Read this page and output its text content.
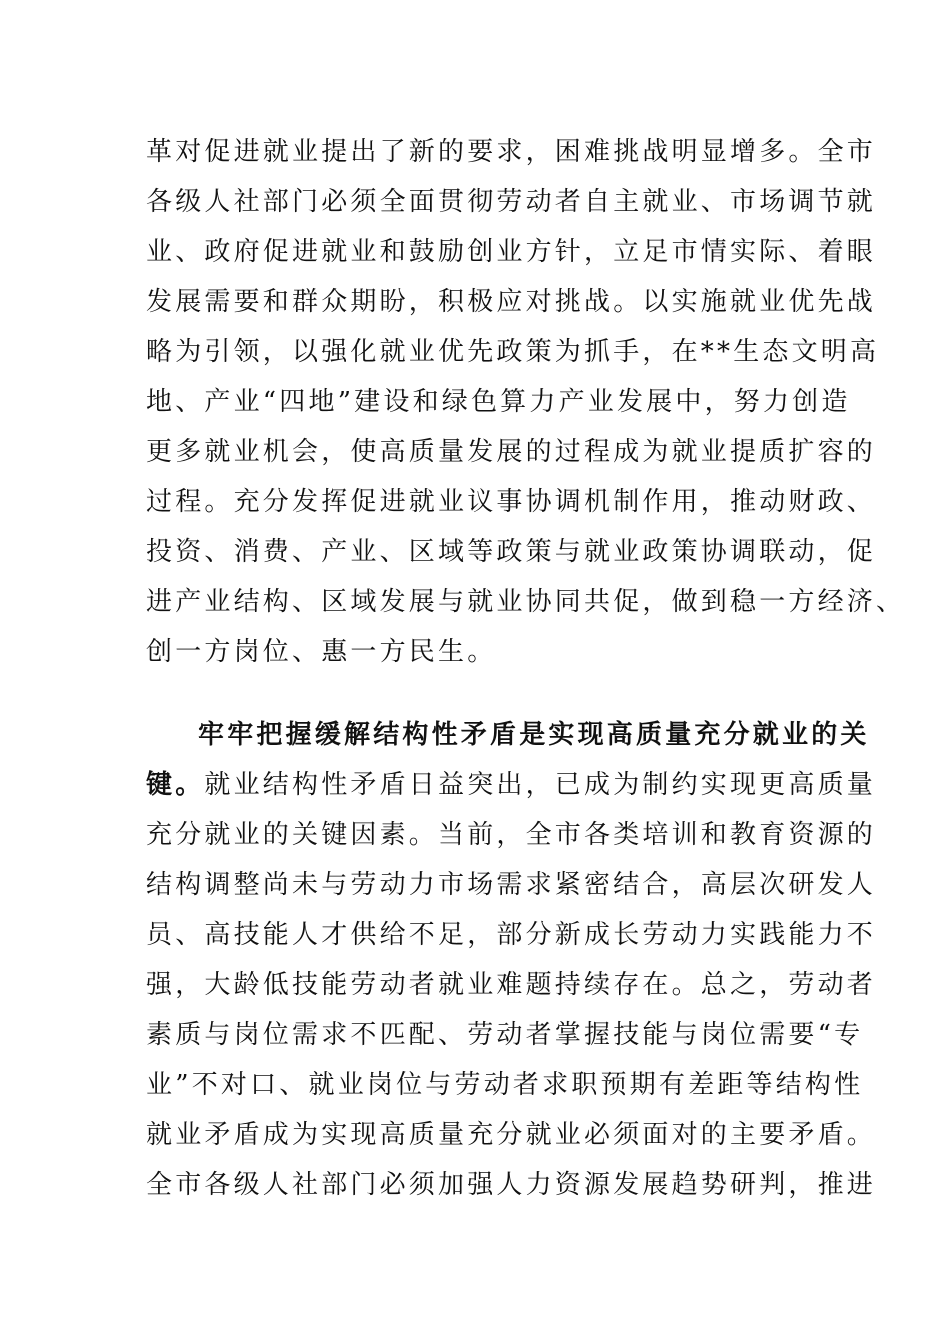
革对促进就业提出了新的要求，困难挑战明显增多。全市

各级人社部门必须全面贯彻劳动者自主就业、市场调节就

业、政府促进就业和鼓励创业方针，立足市情实际、着眼

发展需要和群众期盼，积极应对挑战。以实施就业优先战

略为引领，以强化就业优先政策为抓手，在**生态文明高

地、产业“四地”建设和绿色算力产业发展中，努力创造

更多就业机会，使高质量发展的过程成为就业提质扩容的

过程。充分发挥促进就业议事协调机制作用，推动财政、

投资、消费、产业、区域等政策与就业政策协调联动，促

进产业结构、区域发展与就业协同共促，做到稳一方经济、

创一方岗位、惠一方民生。

牢牢把握缓解结构性矛盾是实现高质量充分就业的关

键。就业结构性矛盾日益突出，已成为制约实现更高质量

充分就业的关键因素。当前，全市各类培训和教育资源的

结构调整尚未与劳动力市场需求紧密结合，高层次研发人

员、高技能人才供给不足，部分新成长劳动力实践能力不

强，大龄低技能劳动者就业难题持续存在。总之，劳动者

素质与岗位需求不匹配、劳动者掌握技能与岗位需要“专

业”不对口、就业岗位与劳动者求职预期有差距等结构性

就业矛盾成为实现高质量充分就业必须面对的主要矛盾。

全市各级人社部门必须加强人力资源发展趋势研判，推进
